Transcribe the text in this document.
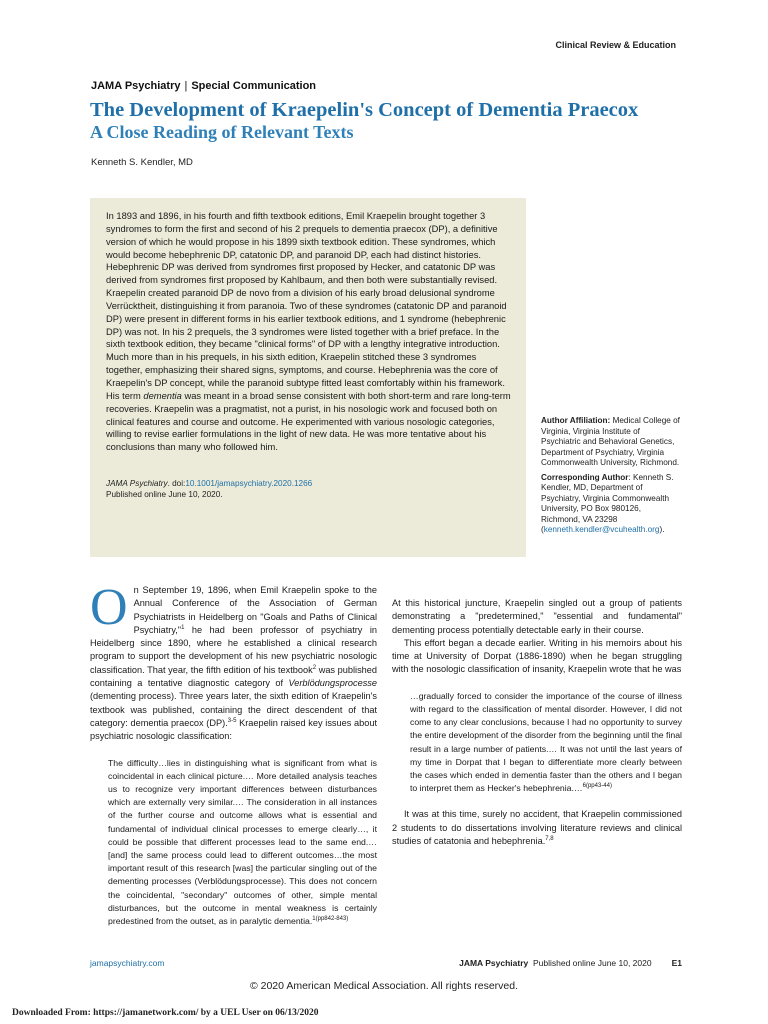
Clinical Review & Education
JAMA Psychiatry | Special Communication
The Development of Kraepelin's Concept of Dementia Praecox
A Close Reading of Relevant Texts
Kenneth S. Kendler, MD

In 1893 and 1896, in his fourth and fifth textbook editions, Emil Kraepelin brought together 3 syndromes to form the first and second of his 2 prequels to dementia praecox (DP), a definitive version of which he would propose in his 1899 sixth textbook edition. These syndromes, which would become hebephrenic DP, catatonic DP, and paranoid DP, each had distinct histories. Hebephrenic DP was derived from syndromes first proposed by Hecker, and catatonic DP was derived from syndromes first proposed by Kahlbaum, and then both were substantially revised. Kraepelin created paranoid DP de novo from a division of his early broad delusional syndrome Verrücktheit, distinguishing it from paranoia. Two of these syndromes (catatonic DP and paranoid DP) were present in different forms in his earlier textbook editions, and 1 syndrome (hebephrenic DP) was not. In his 2 prequels, the 3 syndromes were listed together with a brief preface. In the sixth textbook edition, they became "clinical forms" of DP with a lengthy integrative introduction. Much more than in his prequels, in his sixth edition, Kraepelin stitched these 3 syndromes together, emphasizing their shared signs, symptoms, and course. Hebephrenia was the core of Kraepelin's DP concept, while the paranoid subtype fitted least comfortably within his framework. His term dementia was meant in a broad sense consistent with both short-term and rare long-term recoveries. Kraepelin was a pragmatist, not a purist, in his nosologic work and focused both on clinical features and course and outcome. He experimented with various nosologic categories, willing to revise earlier formulations in the light of new data. He was more tentative about his conclusions than many who followed him.

JAMA Psychiatry. doi:10.1001/jamapsychiatry.2020.1266
Published online June 10, 2020.

Author Affiliation: Medical College of Virginia, Virginia Institute of Psychiatric and Behavioral Genetics, Department of Psychiatry, Virginia Commonwealth University, Richmond.

Corresponding Author: Kenneth S. Kendler, MD, Department of Psychiatry, Virginia Commonwealth University, PO Box 980126, Richmond, VA 23298 (kenneth.kendler@vcuhealth.org).

On September 19, 1896, when Emil Kraepelin spoke to the Annual Conference of the Association of German Psychiatrists in Heidelberg on "Goals and Paths of Clinical Psychiatry,"$^1$ he had been professor of psychiatry in Heidelberg since 1890, where he established a clinical research program to support the development of his new psychiatric nosologic classification. That year, the fifth edition of his textbook$^2$ was published containing a tentative diagnostic category of Verblödungsprocesse (dementing process). Three years later, the sixth edition of Kraepelin's textbook was published, containing the direct descendent of that category: dementia praecox (DP).$^{3-5}$ Kraepelin raised key issues about psychiatric nosologic classification:

The difficulty…lies in distinguishing what is significant from what is coincidental in each clinical picture.… More detailed analysis teaches us to recognize very important differences between disturbances which are externally very similar.… The consideration in all instances of the further course and outcome allows what is essential and fundamental of individual clinical processes to emerge clearly…, it could be possible that different processes lead to the same end.… [and] the same process could lead to different outcomes…the most important result of this research [was] the particular singling out of the dementing processes (Verblödungsprocesse). This does not concern the coincidental, "secondary" outcomes of other, simple mental disturbances, but the outcome in mental weakness is certainly predestined from the outset, as in paralytic dementia.$^{1(pp842-843)}$

At this historical juncture, Kraepelin singled out a group of patients demonstrating a "predetermined," "essential and fundamental" dementing process potentially detectable early in their course.

This effort began a decade earlier. Writing in his memoirs about his time at University of Dorpat (1886-1890) when he began struggling with the nosologic classification of insanity, Kraepelin wrote that he was

…gradually forced to consider the importance of the course of illness with regard to the classification of mental disorder. However, I did not come to any clear conclusions, because I had no opportunity to survey the entire development of the disorder from the beginning until the final result in a large number of patients.… It was not until the last years of my time in Dorpat that I began to differentiate more clearly between the cases which ended in dementia faster than the others and I began to interpret them as Hecker's hebephrenia.…$^{6(pp43-44)}$

It was at this time, surely no accident, that Kraepelin commissioned 2 students to do dissertations involving literature reviews and clinical studies of catatonia and hebephrenia.$^{7,8}$

jamapsychiatry.com	JAMA Psychiatry Published online June 10, 2020 E1
© 2020 American Medical Association. All rights reserved.
Downloaded From: https://jamanetwork.com/ by a UEL User on 06/13/2020
